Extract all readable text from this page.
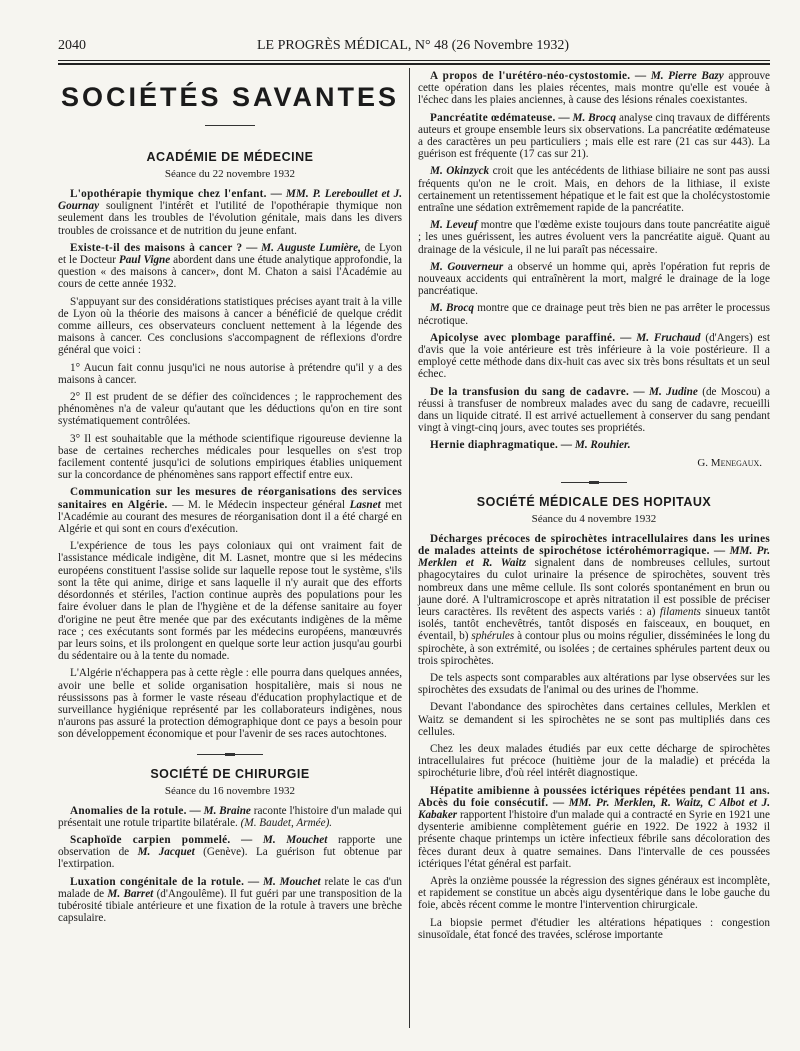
2040	LE PROGRÈS MÉDICAL, N° 48 (26 Novembre 1932)
SOCIÉTÉS SAVANTES
ACADÉMIE DE MÉDECINE
Séance du 22 novembre 1932

L'opothérapie thymique chez l'enfant. — MM. P. Lereboullet et J. Gournay soulignent l'intérêt et l'utilité de l'opothérapie thymique non seulement dans les troubles de l'évolution génitale, mais dans les divers troubles de croissance et de nutrition du jeune enfant.

Existe-t-il des maisons à cancer ? — M. Auguste Lumière, de Lyon et le Docteur Paul Vigne abordent dans une étude analytique approfondie, la question « des maisons à cancer», dont M. Chaton a saisi l'Académie au cours de cette année 1932.

S'appuyant sur des considérations statistiques précises ayant trait à la ville de Lyon où la théorie des maisons à cancer a bénéficié de quelque crédit comme ailleurs, ces observateurs concluent nettement à la légende des maisons à cancer. Ces conclusions s'accompagnent de réflexions d'ordre général que voici :

1° Aucun fait connu jusqu'ici ne nous autorise à prétendre qu'il y a des maisons à cancer.

2° Il est prudent de se défier des coïncidences ; le rapprochement des phénomènes n'a de valeur qu'autant que les déductions qu'on en tire sont systématiquement contrôlées.

3° Il est souhaitable que la méthode scientifique rigoureuse devienne la base de certaines recherches médicales pour lesquelles on s'est trop facilement contenté jusqu'ici de solutions empiriques établies uniquement sur la concordance de phénomènes sans rapport effectif entre eux.

Communication sur les mesures de réorganisations des services sanitaires en Algérie. — M. le Médecin inspecteur général Lasnet met l'Académie au courant des mesures de réorganisation dont il a été chargé en Algérie et qui sont en cours d'exécution.

L'expérience de tous les pays coloniaux qui ont vraiment fait de l'assistance médicale indigène, dit M. Lasnet, montre que si les médecins européens constituent l'assise solide sur laquelle repose tout le système, s'ils sont la tête qui anime, dirige et sans laquelle il n'y aurait que des efforts désordonnés et stériles, l'action continue auprès des populations pour les faire évoluer dans le plan de l'hygiène et de la défense sanitaire au foyer d'origine ne peut être menée que par des exécutants indigènes de la même race ; ces exécutants sont formés par les médecins européens, manœuvrés par leurs soins, et ils prolongent en quelque sorte leur action jusqu'au gourbi du sédentaire ou à la tente du nomade.

L'Algérie n'échappera pas à cette règle : elle pourra dans quelques années, avoir une belle et solide organisation hospitalière, mais si nous ne réussissons pas à former le vaste réseau d'éducation prophylactique et de surveillance hygiénique représenté par les collaborateurs indigènes, nous n'aurons pas assuré la protection démographique dont ce pays a besoin pour son développement économique et pour l'avenir de ses races autochtones.

SOCIÉTÉ DE CHIRURGIE
Séance du 16 novembre 1932

Anomalies de la rotule. — M. Braine raconte l'histoire d'un malade qui présentait une rotule tripartite bilatérale. (M. Baudet, Armée).

Scaphoïde carpien pommelé. — M. Mouchet rapporte une observation de M. Jacquet (Genève). La guérison fut obtenue par l'extirpation.

Luxation congénitale de la rotule. — M. Mouchet relate le cas d'un malade de M. Barret (d'Angoulême). Il fut guéri par une transposition de la tubérosité tibiale antérieure et une fixation de la rotule à travers une brèche capsulaire.

A propos de l'urétéro-néo-cystostomie. — M. Pierre Bazy approuve cette opération dans les plaies récentes, mais montre qu'elle est vouée à l'échec dans les plaies anciennes, à cause des lésions rénales coexistantes.

Pancréatite œdémateuse. — M. Brocq analyse cinq travaux de différents auteurs et groupe ensemble leurs six observations. La pancréatite œdémateuse a des caractères un peu particuliers ; mais elle est rare (21 cas sur 443). La guérison est fréquente (17 cas sur 21).

M. Okinzyck croit que les antécédents de lithiase biliaire ne sont pas aussi fréquents qu'on ne le croit. Mais, en dehors de la lithiase, il existe certainement un retentissement hépatique et le fait est que la cholécystostomie entraîne une sédation extrêmement rapide de la pancréatite.

M. Leveuf montre que l'œdème existe toujours dans toute pancréatite aiguë ; les unes guérissent, les autres évoluent vers la pancréatite aiguë. Quant au drainage de la vésicule, il ne lui paraît pas nécessaire.

M. Gouverneur a observé un homme qui, après l'opération fut repris de nouveaux accidents qui entraînèrent la mort, malgré le drainage de la loge pancréatique.

M. Brocq montre que ce drainage peut très bien ne pas arrêter le processus nécrotique.

Apicolyse avec plombage paraffiné. — M. Fruchaud (d'Angers) est d'avis que la voie antérieure est très inférieure à la voie postérieure. Il a employé cette méthode dans dix-huit cas avec six très bons résultats et un seul échec.

De la transfusion du sang de cadavre. — M. Judine (de Moscou) a réussi à transfuser de nombreux malades avec du sang de cadavre, recueilli dans un liquide citraté. Il est arrivé actuellement à conserver du sang pendant vingt à vingt-cinq jours, avec toutes ses propriétés.

Hernie diaphragmatique. — M. Rouhier.

G. Menegaux.
SOCIÉTÉ MÉDICALE DES HOPITAUX
Séance du 4 novembre 1932

Décharges précoces de spirochètes intracellulaires dans les urines de malades atteints de spirochétose ictérohémorragique. — MM. Pr. Merklen et R. Waitz signalent dans de nombreuses cellules, surtout phagocytaires du culot urinaire la présence de spirochètes, souvent très nombreux dans une même cellule. Ils sont colorés spontanément en brun ou jaune doré. A l'ultramicroscope et après nitratation il est possible de préciser leurs caractères. Ils revêtent des aspects variés : a) filaments sinueux tantôt isolés, tantôt enchevêtrés, tantôt disposés en faisceaux, en bouquet, en éventail, b) sphérules à contour plus ou moins régulier, disséminées le long du spirochète, à son extrémité, ou isolées ; de certaines sphérules partent deux ou trois spirochètes.

De tels aspects sont comparables aux altérations par lyse observées sur les spirochètes des exsudats de l'animal ou des urines de l'homme.

Devant l'abondance des spirochètes dans certaines cellules, Merklen et Waitz se demandent si les spirochètes ne se sont pas multipliés dans ces cellules.

Chez les deux malades étudiés par eux cette décharge de spirochètes intracellulaires fut précoce (huitième jour de la maladie) et précéda la spirochéturie libre, d'où réel intérêt diagnostique.

Hépatite amibienne à poussées ictériques répétées pendant 11 ans. Abcès du foie consécutif. — MM. Pr. Merklen, R. Waitz, C Albot et J. Kabaker rapportent l'histoire d'un malade qui a contracté en Syrie en 1921 une dysenterie amibienne complètement guérie en 1922. De 1922 à 1932 il présente chaque printemps un ictère infectieux fébrile sans décoloration des fèces durant deux à quatre semaines. Dans l'intervalle de ces poussées ictériques l'état général est parfait.

Après la onzième poussée la régression des signes généraux est incomplète, et rapidement se constitue un abcès aigu dysentérique dans le lobe gauche du foie, abcès récent comme le montre l'intervention chirurgicale.

La biopsie permet d'étudier les altérations hépatiques : congestion sinusoïdale, état foncé des travées, sclérose importante
